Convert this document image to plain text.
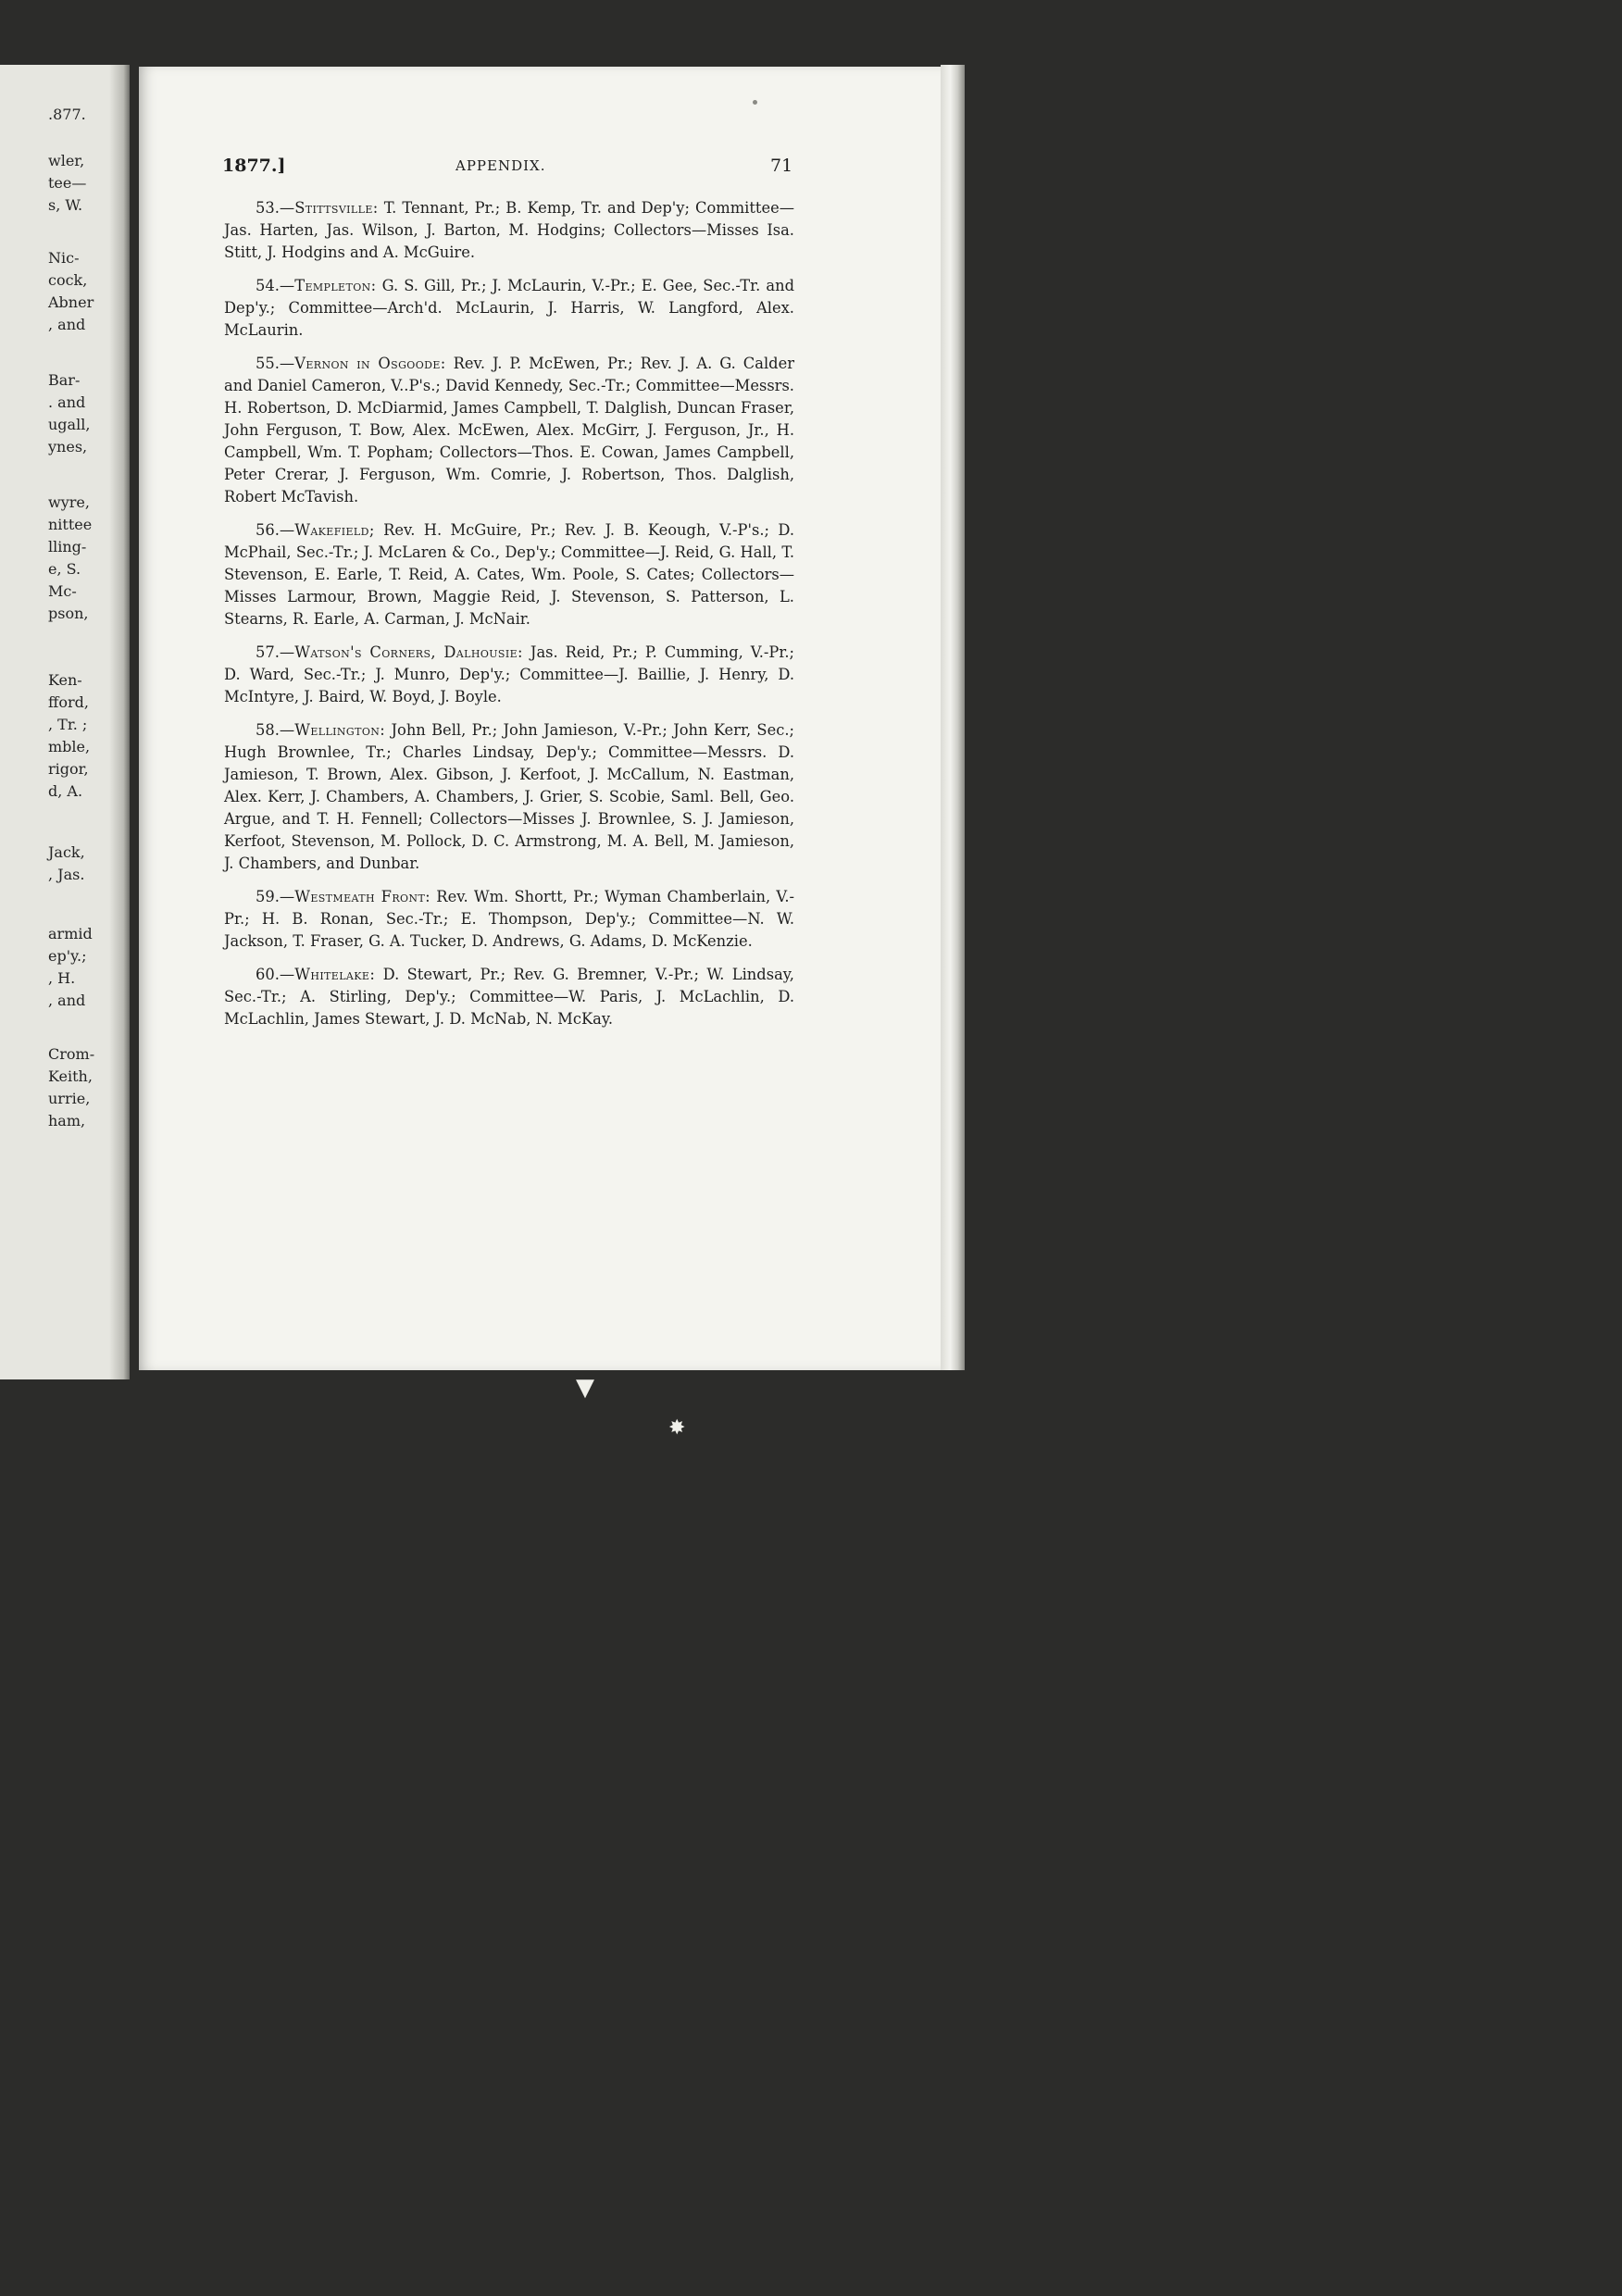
.877.
wler,
tee—
s, W.
Nic-
cock,
Abner
, and
Bar-
. and
ugall,
ynes,
wyre,
nittee
lling-
e, S.
Mc-
pson,
Ken-
fford,
, Tr. ;
mble,
rigor,
d, A.
Jack,
, Jas.
armid
ep'y.;
, H.
, and
Crom-
Keith,
urrie,
ham,
1877.]	APPENDIX.	71

53.—Stittsville: T. Tennant, Pr.; B. Kemp, Tr. and Dep'y; Committee—Jas. Harten, Jas. Wilson, J. Barton, M. Hodgins; Collectors—Misses Isa. Stitt, J. Hodgins and A. McGuire.

54.—Templeton: G. S. Gill, Pr.; J. McLaurin, V.-Pr.; E. Gee, Sec.-Tr. and Dep'y.; Committee—Arch'd. McLaurin, J. Harris, W. Langford, Alex. McLaurin.

55.—Vernon in Osgoode: Rev. J. P. McEwen, Pr.; Rev. J. A. G. Calder and Daniel Cameron, V..P's.; David Kennedy, Sec.-Tr.; Committee—Messrs. H. Robertson, D. McDiarmid, James Campbell, T. Dalglish, Duncan Fraser, John Ferguson, T. Bow, Alex. McEwen, Alex. McGirr, J. Ferguson, Jr., H. Campbell, Wm. T. Popham; Collectors—Thos. E. Cowan, James Campbell, Peter Crerar, J. Ferguson, Wm. Comrie, J. Robertson, Thos. Dalglish, Robert McTavish.

56.—Wakefield; Rev. H. McGuire, Pr.; Rev. J. B. Keough, V.-P's.; D. McPhail, Sec.-Tr.; J. McLaren & Co., Dep'y.; Committee—J. Reid, G. Hall, T. Stevenson, E. Earle, T. Reid, A. Cates, Wm. Poole, S. Cates; Collectors—Misses Larmour, Brown, Maggie Reid, J. Stevenson, S. Patterson, L. Stearns, R. Earle, A. Carman, J. McNair.

57.—Watson's Corners, Dalhousie: Jas. Reid, Pr.; P. Cumming, V.-Pr.; D. Ward, Sec.-Tr.; J. Munro, Dep'y.; Committee—J. Baillie, J. Henry, D. McIntyre, J. Baird, W. Boyd, J. Boyle.

58.—Wellington: John Bell, Pr.; John Jamieson, V.-Pr.; John Kerr, Sec.; Hugh Brownlee, Tr.; Charles Lindsay, Dep'y.; Committee—Messrs. D. Jamieson, T. Brown, Alex. Gibson, J. Kerfoot, J. McCallum, N. Eastman, Alex. Kerr, J. Chambers, A. Chambers, J. Grier, S. Scobie, Saml. Bell, Geo. Argue, and T. H. Fennell; Collectors—Misses J. Brownlee, S. J. Jamieson, Kerfoot, Stevenson, M. Pollock, D. C. Armstrong, M. A. Bell, M. Jamieson, J. Chambers, and Dunbar.

59.—Westmeath Front: Rev. Wm. Shortt, Pr.; Wyman Chamberlain, V.-Pr.; H. B. Ronan, Sec.-Tr.; E. Thompson, Dep'y.; Committee—N. W. Jackson, T. Fraser, G. A. Tucker, D. Andrews, G. Adams, D. McKenzie.

60.—Whitelake: D. Stewart, Pr.; Rev. G. Bremner, V.-Pr.; W. Lindsay, Sec.-Tr.; A. Stirling, Dep'y.; Committee—W. Paris, J. McLachlin, D. McLachlin, James Stewart, J. D. McNab, N. McKay.

▼
✸
